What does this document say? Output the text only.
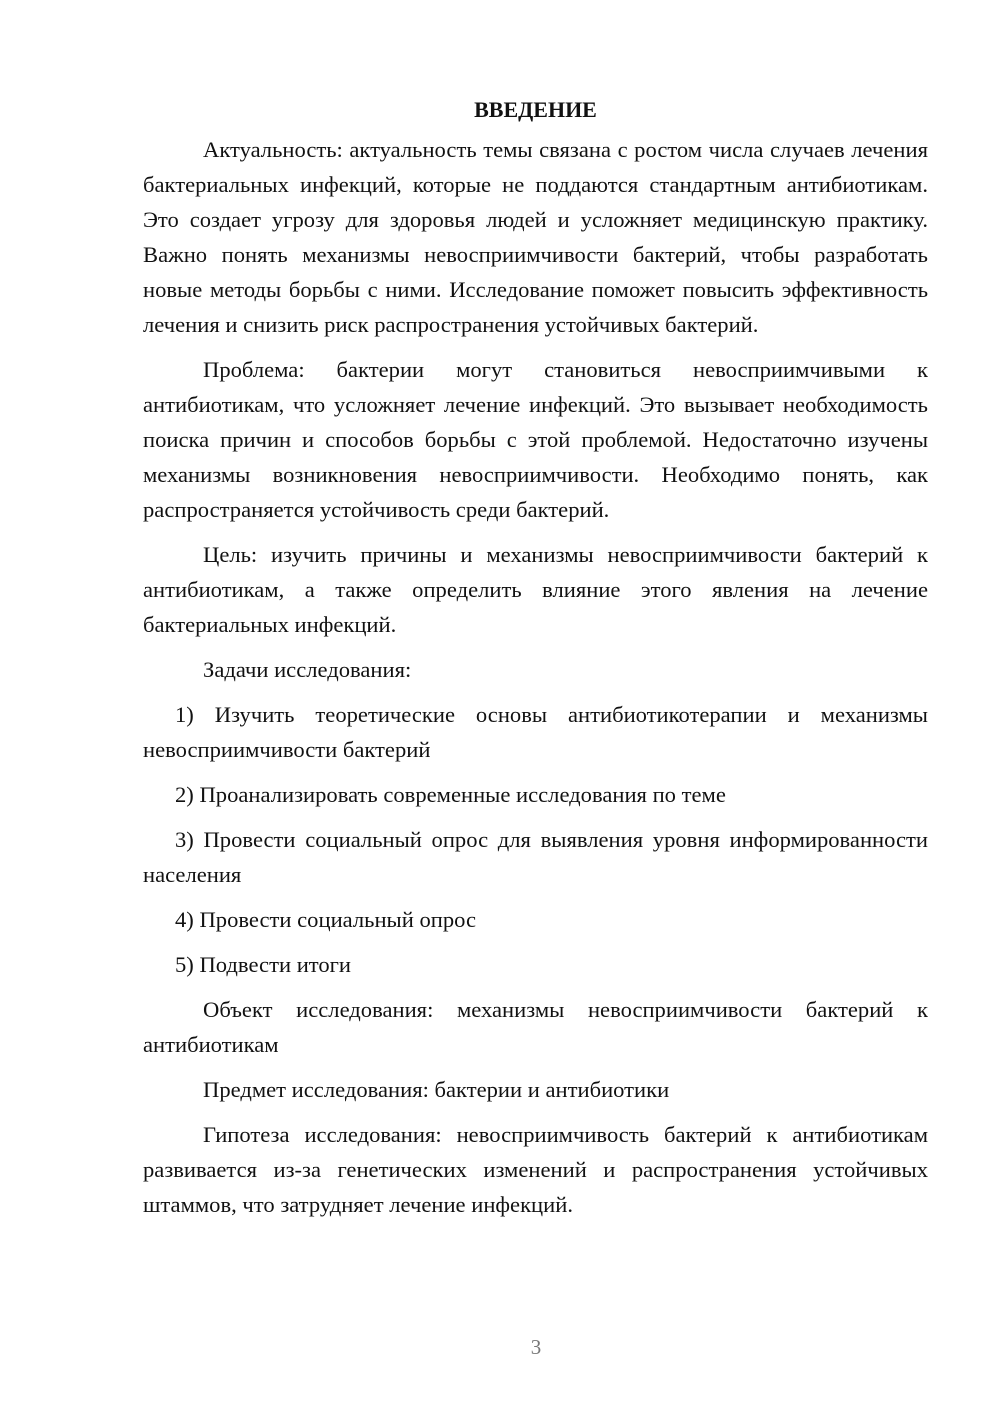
ВВЕДЕНИЕ

Актуальность: актуальность темы связана с ростом числа случаев лечения бактериальных инфекций, которые не поддаются стандартным антибиотикам. Это создает угрозу для здоровья людей и усложняет медицинскую практику. Важно понять механизмы невосприимчивости бактерий, чтобы разработать новые методы борьбы с ними. Исследование поможет повысить эффективность лечения и снизить риск распространения устойчивых бактерий.

Проблема: бактерии могут становиться невосприимчивыми к антибиотикам, что усложняет лечение инфекций. Это вызывает необходимость поиска причин и способов борьбы с этой проблемой. Недостаточно изучены механизмы возникновения невосприимчивости. Необходимо понять, как распространяется устойчивость среди бактерий.

Цель: изучить причины и механизмы невосприимчивости бактерий к антибиотикам, а также определить влияние этого явления на лечение бактериальных инфекций.

Задачи исследования:

1) Изучить теоретические основы антибиотикотерапии и механизмы невосприимчивости бактерий

2) Проанализировать современные исследования по теме

3) Провести социальный опрос для выявления уровня информированности населения

4) Провести социальный опрос

5) Подвести итоги

Объект исследования: механизмы невосприимчивости бактерий к антибиотикам

Предмет исследования: бактерии и антибиотики

Гипотеза исследования: невосприимчивость бактерий к антибиотикам развивается из-за генетических изменений и распространения устойчивых штаммов, что затрудняет лечение инфекций.

3
